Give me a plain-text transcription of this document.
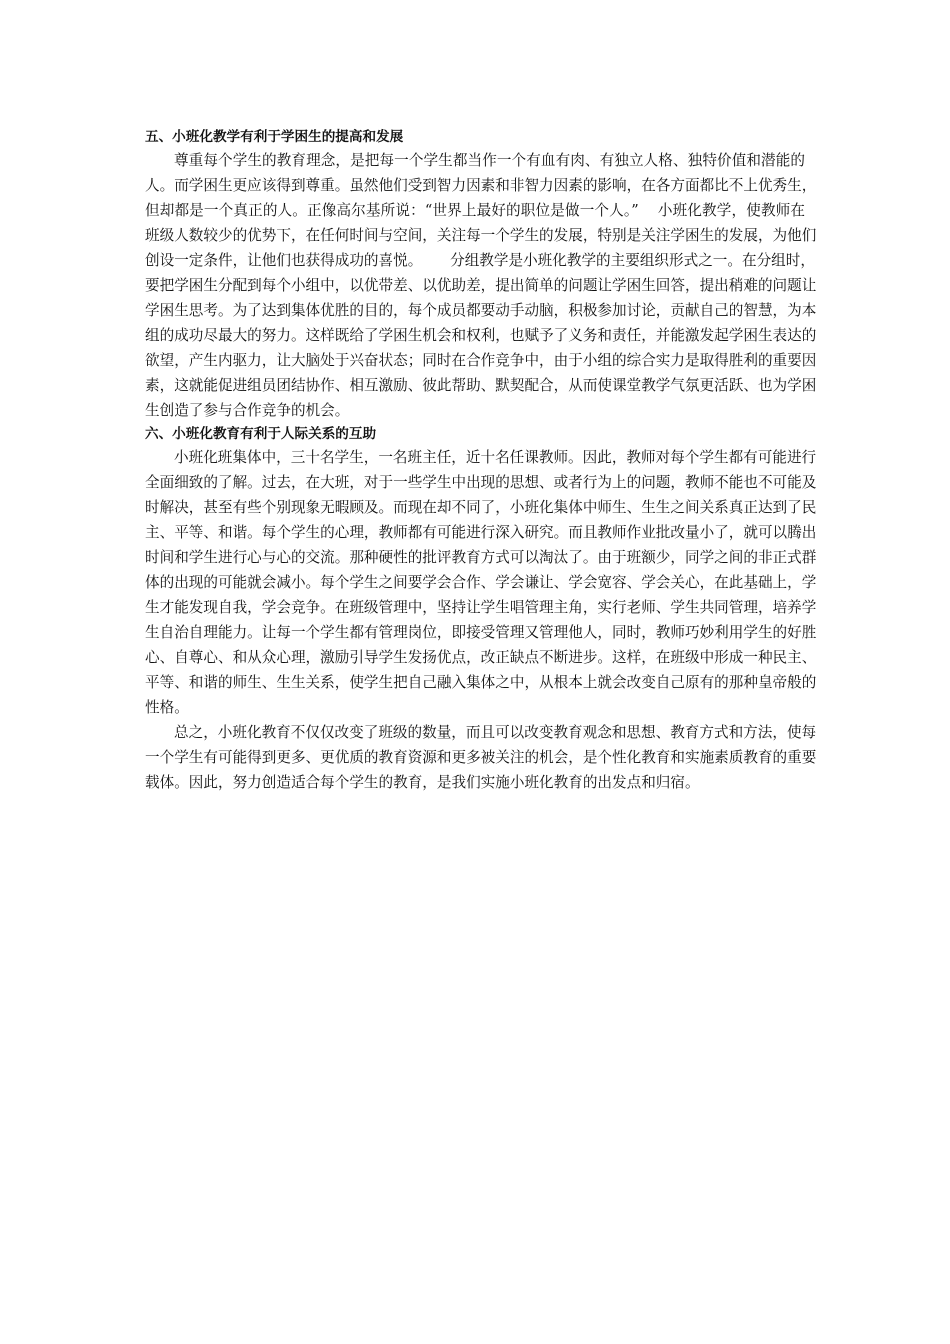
五、小班化教学有利于学困生的提高和发展
尊重每个学生的教育理念，是把每一个学生都当作一个有血有肉、有独立人格、独特价值和潜能的
人。而学困生更应该得到尊重。虽然他们受到智力因素和非智力因素的影响，在各方面都比不上优秀生，
但却都是一个真正的人。正像高尔基所说：“世界上最好的职位是做一个人。”    小班化教学，使教师在
班级人数较少的优势下，在任何时间与空间，关注每一个学生的发展，特别是关注学困生的发展，为他们
创设一定条件，让他们也获得成功的喜悦。      分组教学是小班化教学的主要组织形式之一。在分组时，
要把学困生分配到每个小组中，以优带差、以优助差，提出简单的问题让学困生回答，提出稍难的问题让
学困生思考。为了达到集体优胜的目的，每个成员都要动手动脑，积极参加讨论，贡献自己的智慧，为本
组的成功尽最大的努力。这样既给了学困生机会和权利，也赋予了义务和责任，并能激发起学困生表达的
欲望，产生内驱力，让大脑处于兴奋状态；同时在合作竞争中，由于小组的综合实力是取得胜利的重要因
素，这就能促进组员团结协作、相互激励、彼此帮助、默契配合，从而使课堂教学气氛更活跃、也为学困
生创造了参与合作竞争的机会。
六、小班化教育有利于人际关系的互助
小班化班集体中，三十名学生，一名班主任，近十名任课教师。因此，教师对每个学生都有可能进行
全面细致的了解。过去，在大班，对于一些学生中出现的思想、或者行为上的问题，教师不能也不可能及
时解决，甚至有些个别现象无暇顾及。而现在却不同了，小班化集体中师生、生生之间关系真正达到了民
主、平等、和谐。每个学生的心理，教师都有可能进行深入研究。而且教师作业批改量小了，就可以腾出
时间和学生进行心与心的交流。那种硬性的批评教育方式可以淘汰了。由于班额少，同学之间的非正式群
体的出现的可能就会减小。每个学生之间要学会合作、学会谦让、学会宽容、学会关心，在此基础上，学
生才能发现自我，学会竞争。在班级管理中，坚持让学生唱管理主角，实行老师、学生共同管理，培养学
生自治自理能力。让每一个学生都有管理岗位，即接受管理又管理他人，同时，教师巧妙利用学生的好胜
心、自尊心、和从众心理，激励引导学生发扬优点，改正缺点不断进步。这样，在班级中形成一种民主、
平等、和谐的师生、生生关系，使学生把自己融入集体之中，从根本上就会改变自己原有的那种皇帝般的
性格。
总之，小班化教育不仅仅改变了班级的数量，而且可以改变教育观念和思想、教育方式和方法，使每
一个学生有可能得到更多、更优质的教育资源和更多被关注的机会，是个性化教育和实施素质教育的重要
载体。因此，努力创造适合每个学生的教育，是我们实施小班化教育的出发点和归宿。
